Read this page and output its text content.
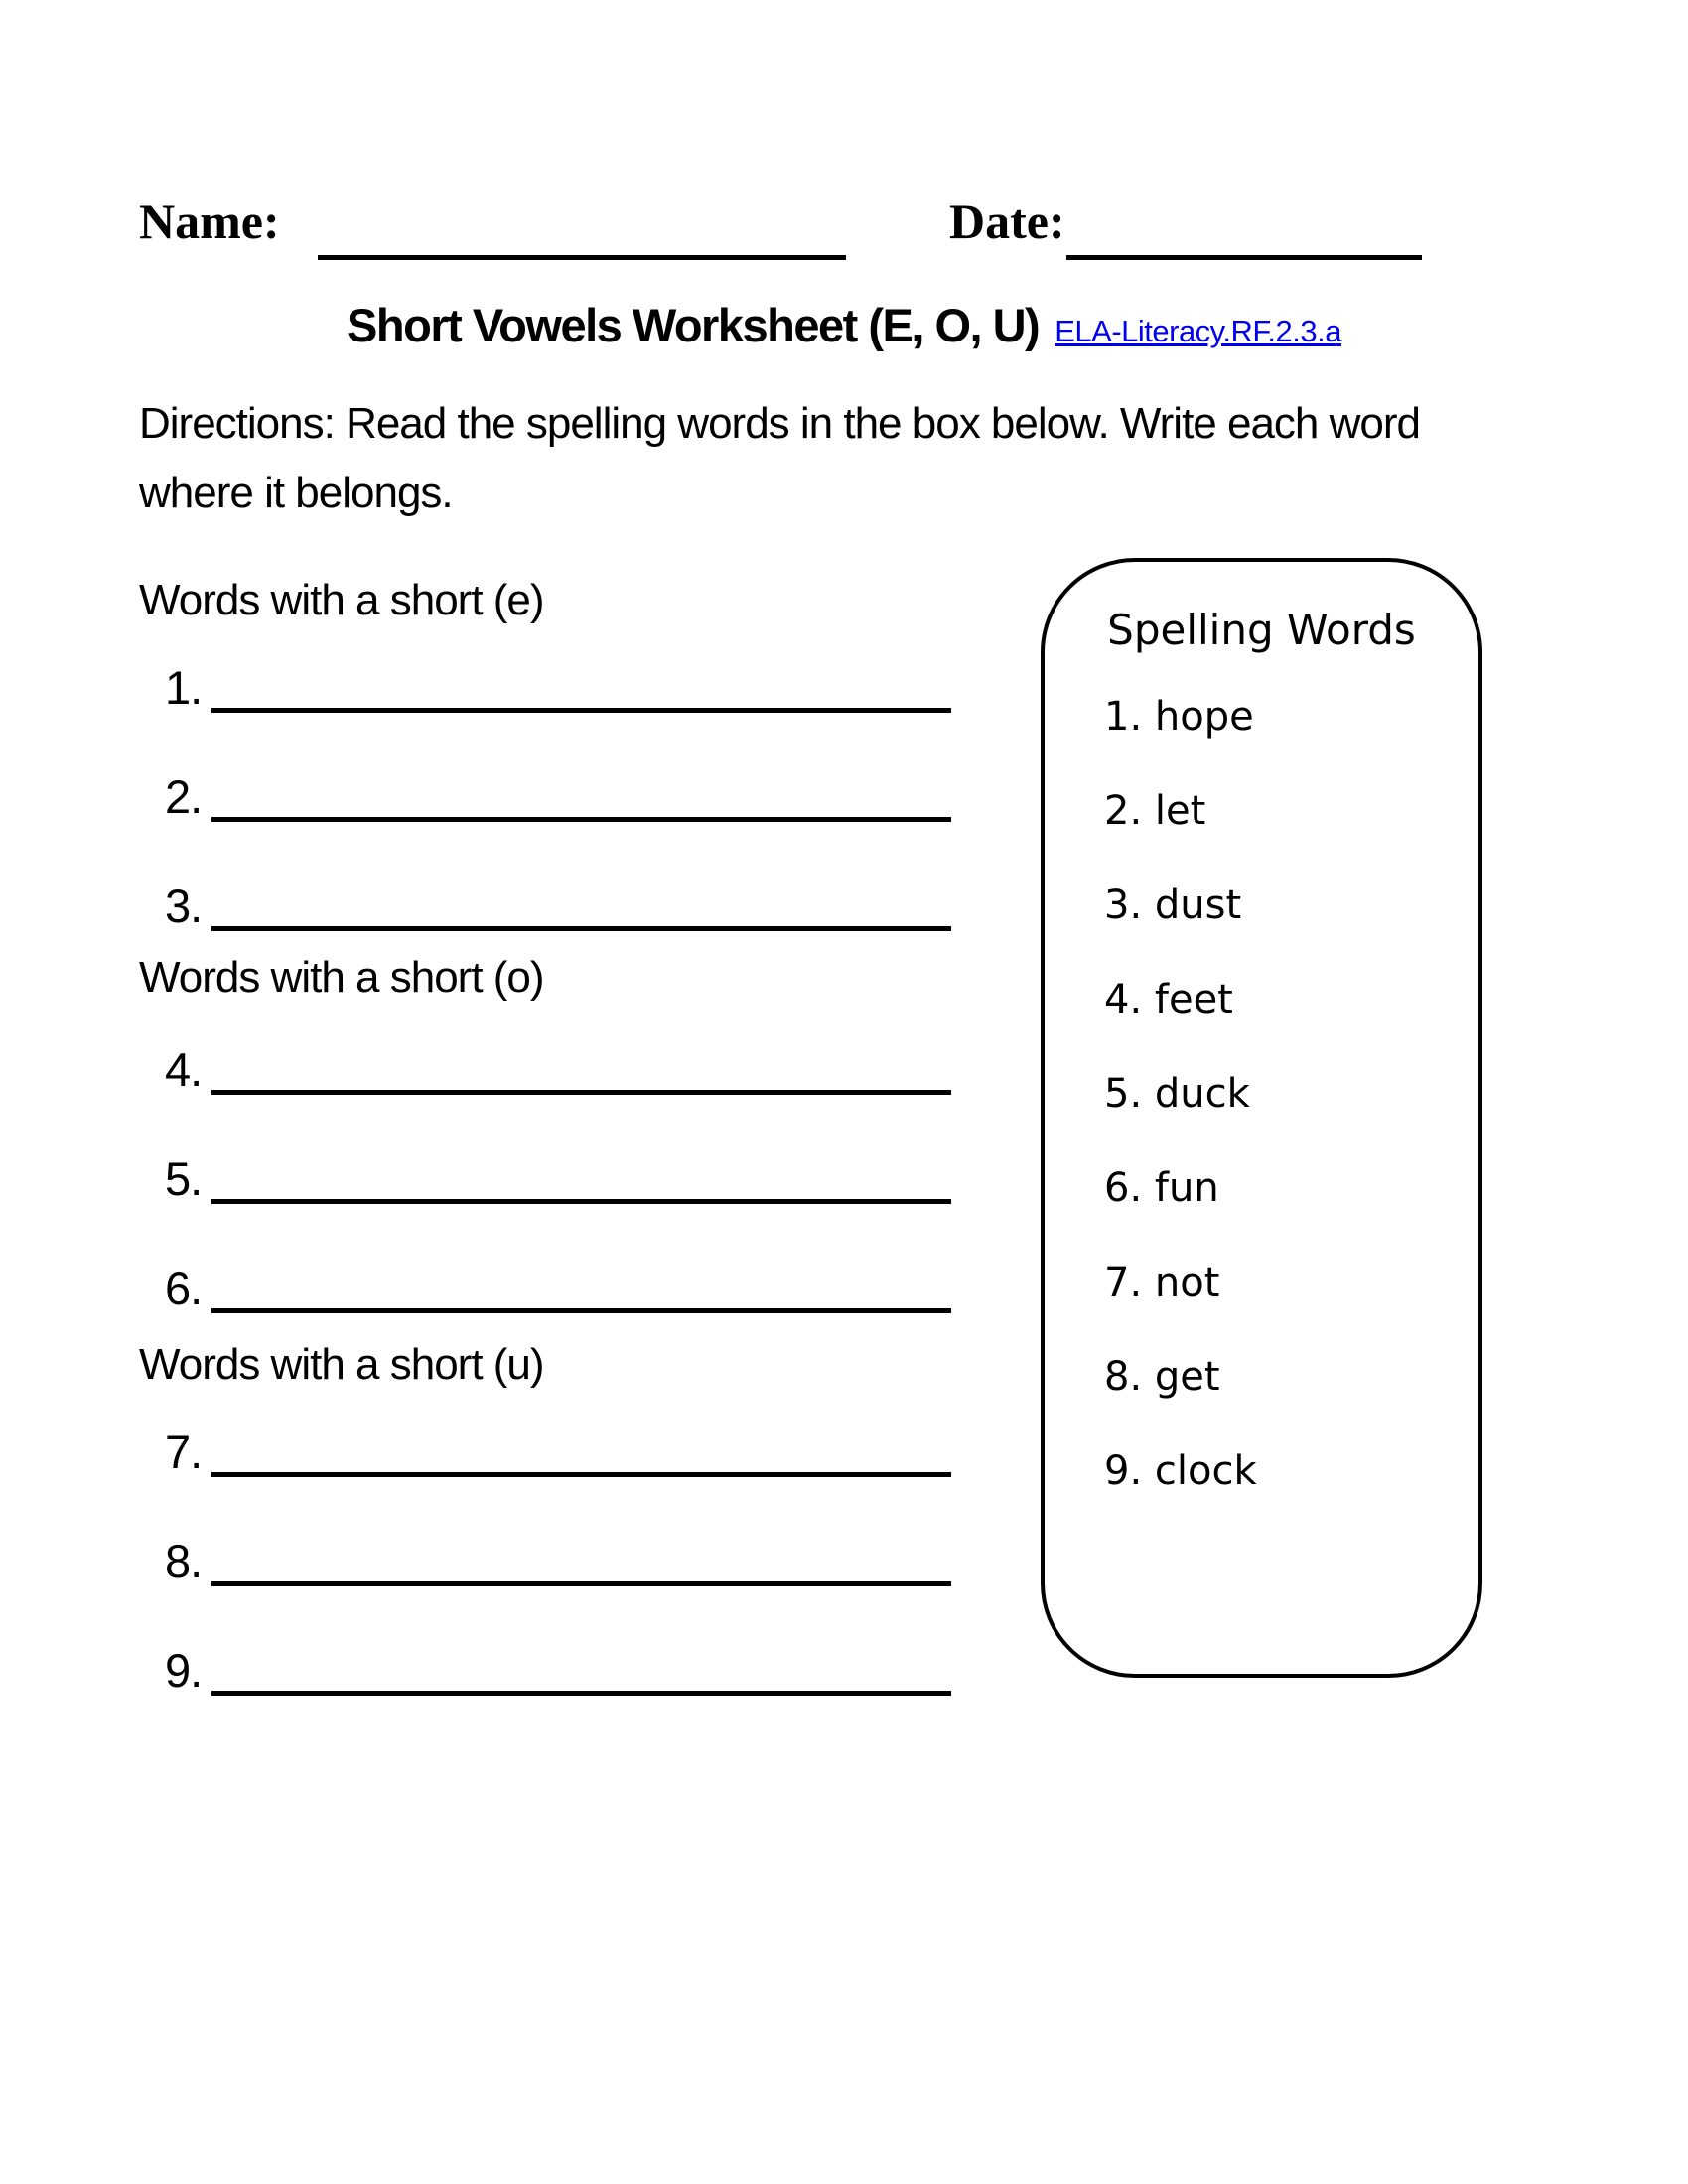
Name:	Date:
Short Vowels Worksheet (E, O, U) ELA-Literacy.RF.2.3.a
Directions: Read the spelling words in the box below. Write each word where it belongs.
Words with a short (e)
1.
2.
3.
Words with a short (o)
4.
5.
6.
Words with a short (u)
7.
8.
9.
Spelling Words
1. hope
2. let
3. dust
4. feet
5. duck
6. fun
7. not
8. get
9. clock
